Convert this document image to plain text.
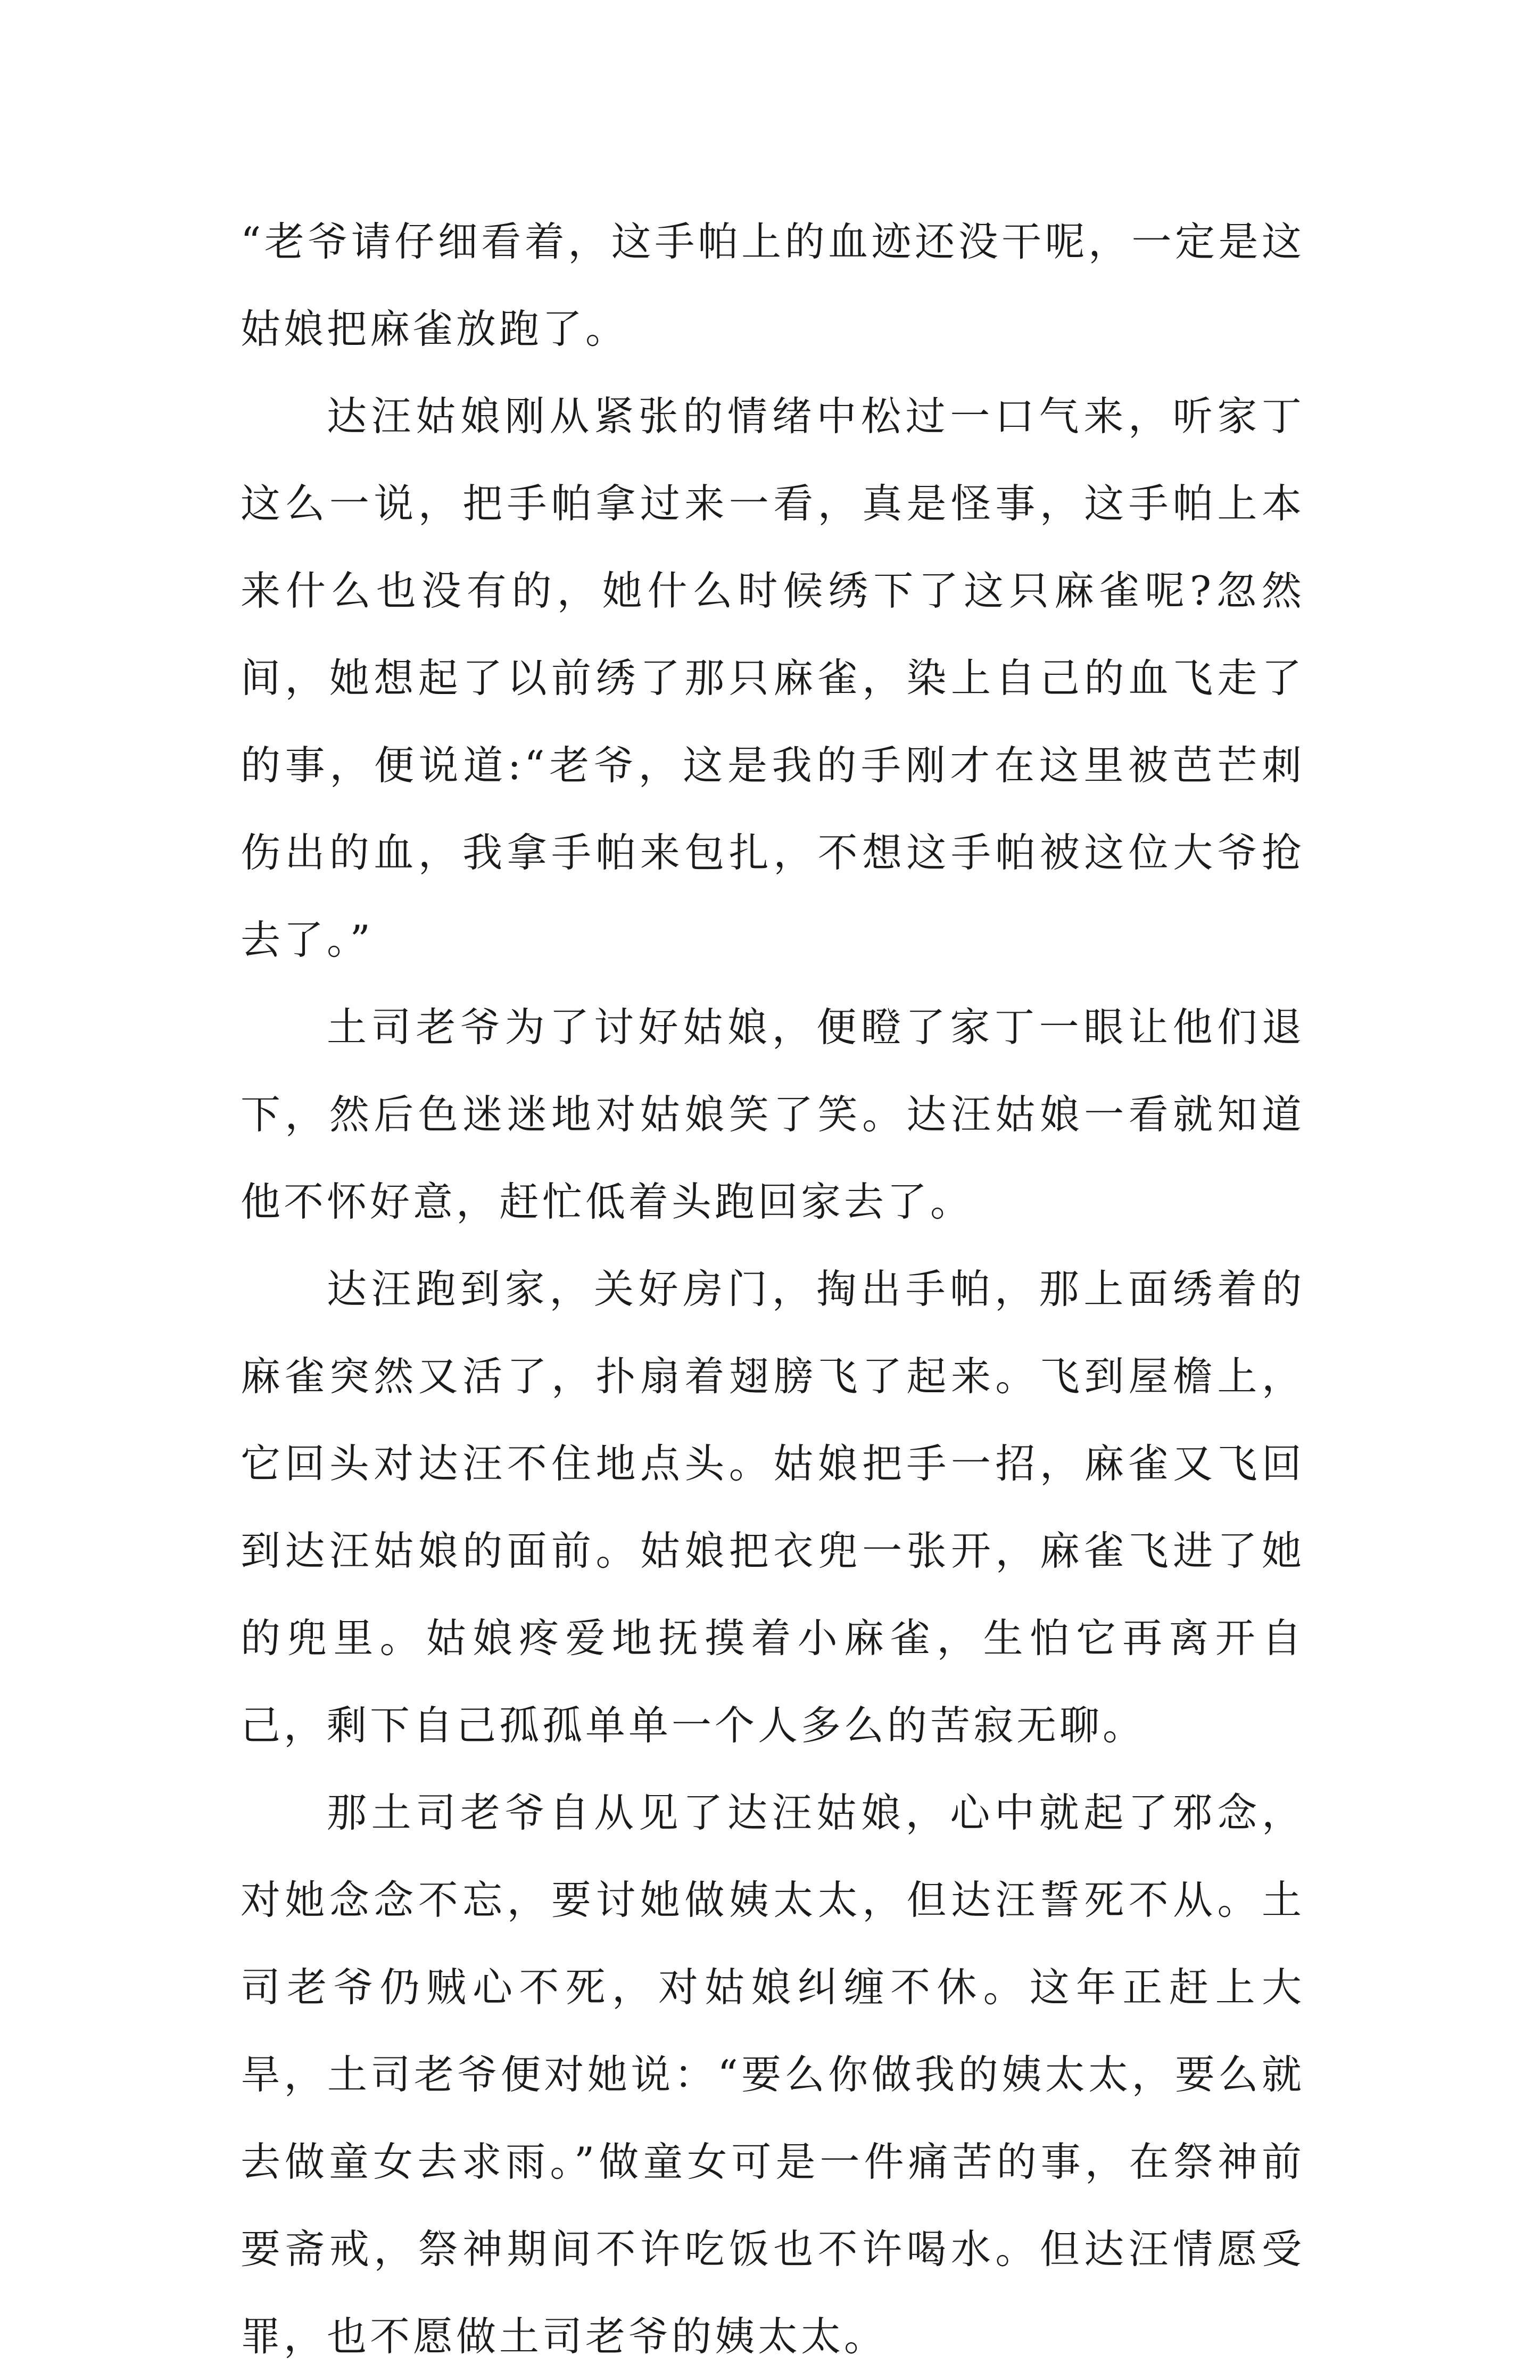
“老爷请仔细看着，这手帕上的血迹还没干呢，一定是这姑娘把麻雀放跑了。

达汪姑娘刚从紧张的情绪中松过一口气来，听家丁这么一说，把手帕拿过来一看，真是怪事，这手帕上本来什么也没有的，她什么时候绣下了这只麻雀呢?忽然间，她想起了以前绣了那只麻雀，染上自己的血飞走了的事，便说道:“老爷，这是我的手刚才在这里被芭芒刺伤出的血，我拿手帕来包扎，不想这手帕被这位大爷抢去了。”

土司老爷为了讨好姑娘，便瞪了家丁一眼让他们退下，然后色迷迷地对姑娘笑了笑。达汪姑娘一看就知道他不怀好意，赶忙低着头跑回家去了。

达汪跑到家，关好房门，掏出手帕，那上面绣着的麻雀突然又活了，扑扇着翅膀飞了起来。飞到屋檐上，它回头对达汪不住地点头。姑娘把手一招，麻雀又飞回到达汪姑娘的面前。姑娘把衣兜一张开，麻雀飞进了她的兜里。姑娘疼爱地抚摸着小麻雀，生怕它再离开自己，剩下自己孤孤单单一个人多么的苦寂无聊。

那土司老爷自从见了达汪姑娘，心中就起了邪念，对她念念不忘，要讨她做姨太太，但达汪誓死不从。土司老爷仍贼心不死，对姑娘纠缠不休。这年正赶上大旱，土司老爷便对她说：“要么你做我的姨太太，要么就去做童女去求雨。”做童女可是一件痛苦的事，在祭神前要斋戒，祭神期间不许吃饭也不许喝水。但达汪情愿受罪，也不愿做土司老爷的姨太太。
